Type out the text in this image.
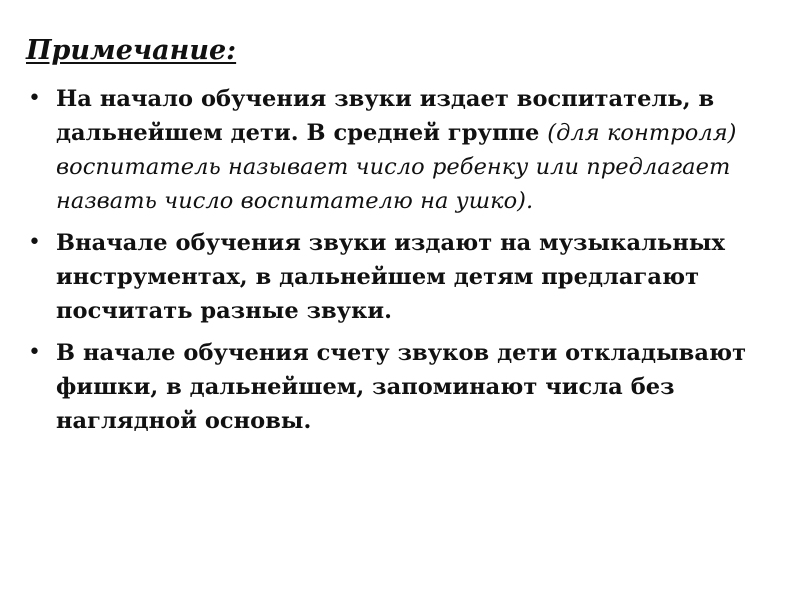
Примечание:
• На начало обучения звуки издает воспитатель, в дальнейшем дети. В средней группе (для контроля) воспитатель называет число ребенку или предлагает назвать число воспитателю на ушко).
• Вначале обучения звуки издают на музыкальных инструментах, в дальнейшем детям предлагают посчитать разные звуки.
• В начале обучения счету звуков дети откладывают фишки, в дальнейшем, запоминают числа без наглядной основы.
